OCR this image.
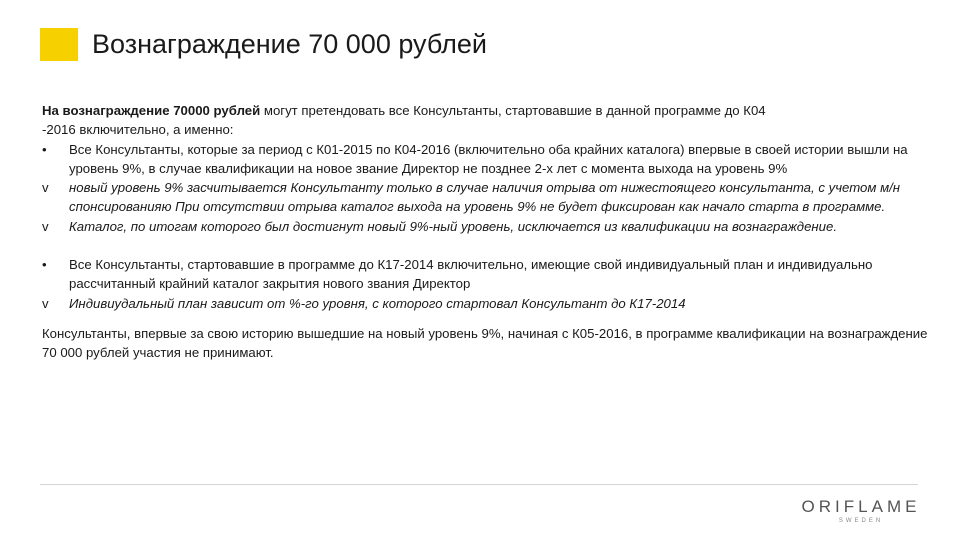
Вознаграждение 70 000 рублей

На вознаграждение 70000 рублей могут претендовать все Консультанты, стартовавшие в данной программе до К04
-2016 включительно, а именно:

•	Все Консультанты, которые за период с К01-2015 по К04-2016 (включительно оба крайних каталога) впервые в своей истории вышли на уровень 9%, в случае квалификации на новое звание Директор не позднее 2-х лет с момента выхода на уровень 9%
v	новый уровень 9% засчитывается Консультанту только в случае наличия отрыва от нижестоящего консультанта, с учетом м/н спонсированияю При отсутствии отрыва каталог выхода на уровень 9% не будет фиксирован как начало старта в программе.
v	Каталог, по итогам которого был достигнут новый 9%-ный уровень, исключается из квалификации на вознаграждение.
•	Все Консультанты, стартовавшие в программе до К17-2014 включительно, имеющие свой индивидуальный план и индивидуально рассчитанный крайний каталог закрытия нового звания Директор
v	Индивиудальный план зависит от %-го уровня, с которого стартовал Консультант до К17-2014

Консультанты, впервые за свою историю вышедшие на новый уровень 9%, начиная с К05-2016, в программе квалификации на вознаграждение 70 000 рублей участия не принимают.

ORIFLAME
SWEDEN
